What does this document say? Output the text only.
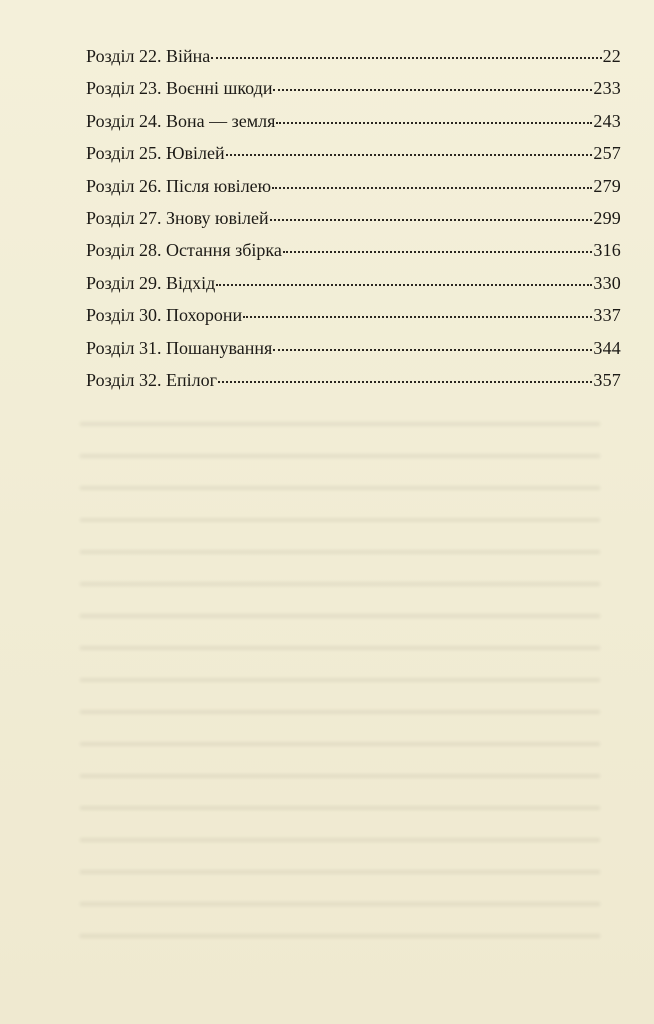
Розділ 22. Війна	22
Розділ 23. Воєнні шкоди	233
Розділ 24. Вона — земля	243
Розділ 25. Ювілей	257
Розділ 26. Після ювілею	279
Розділ 27. Знову ювілей	299
Розділ 28. Остання збірка	316
Розділ 29. Відхід	330
Розділ 30. Похорони	337
Розділ 31. Пошанування	344
Розділ 32. Епілог	357
